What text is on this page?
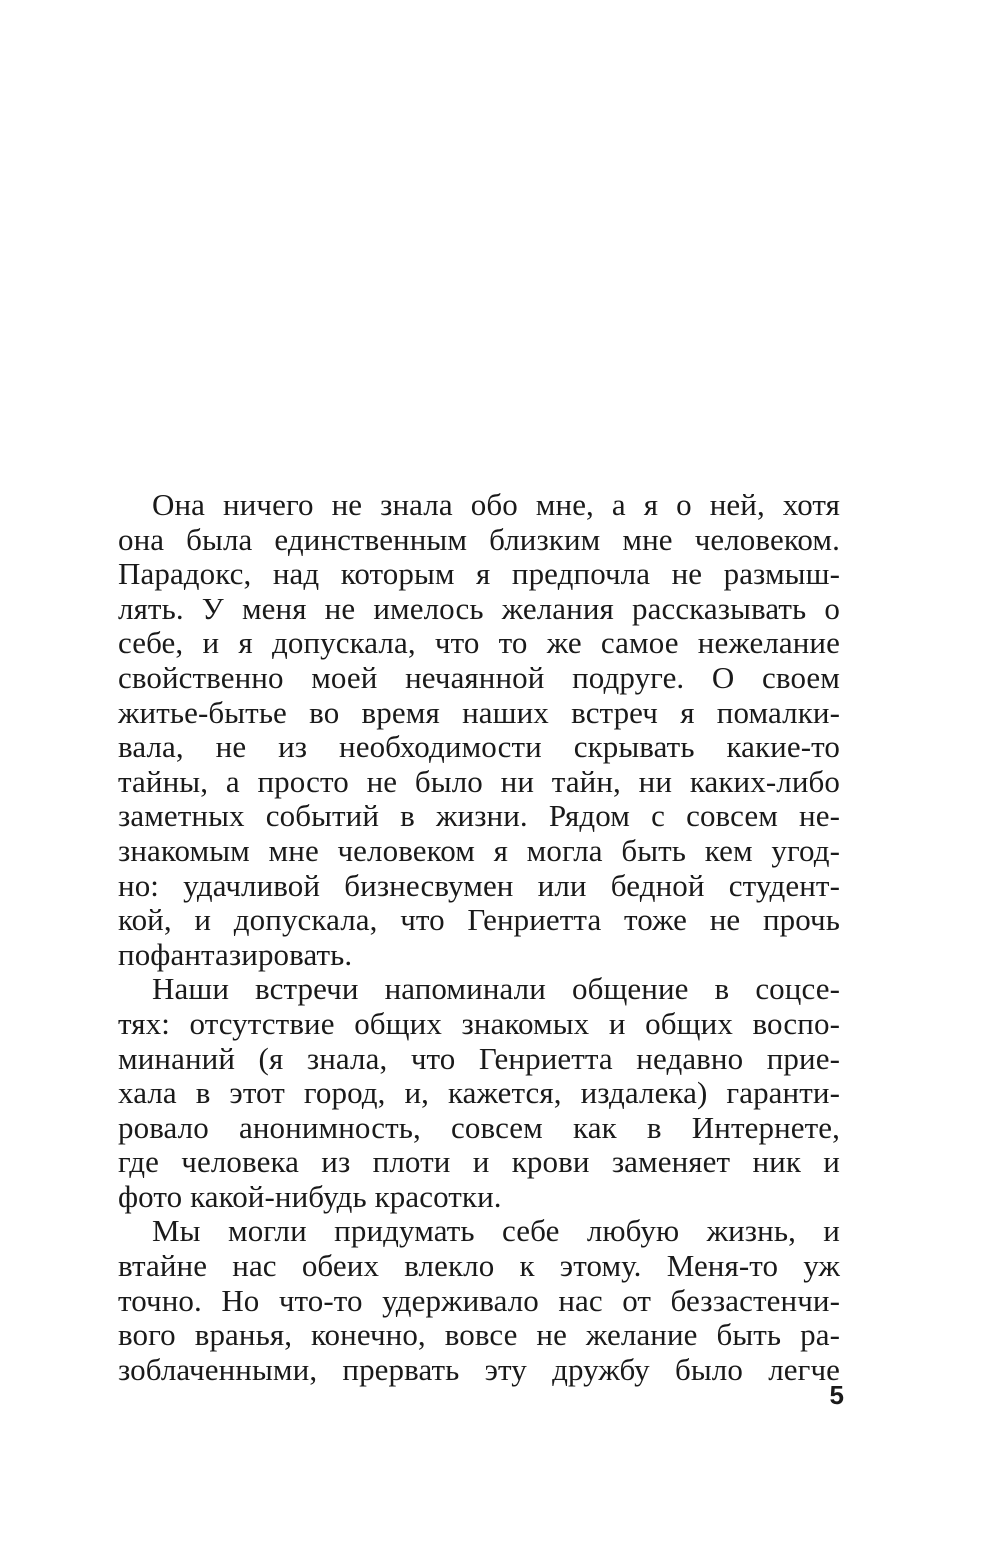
Она ничего не знала обо мне, а я о ней, хотя
она была единственным близким мне человеком.
Парадокс, над которым я предпочла не размыш-
лять. У меня не имелось желания рассказывать о
себе, и я допускала, что то же самое нежелание
свойственно моей нечаянной подруге. О своем
житье-бытье во время наших встреч я помалки-
вала, не из необходимости скрывать какие-то
тайны, а просто не было ни тайн, ни каких-либо
заметных событий в жизни. Рядом с совсем не-
знакомым мне человеком я могла быть кем угод-
но: удачливой бизнесвумен или бедной студент-
кой, и допускала, что Генриетта тоже не прочь
пофантазировать.
Наши встречи напоминали общение в соцсе-
тях: отсутствие общих знакомых и общих воспо-
минаний (я знала, что Генриетта недавно прие-
хала в этот город, и, кажется, издалека) гаранти-
ровало анонимность, совсем как в Интернете,
где человека из плоти и крови заменяет ник и
фото какой-нибудь красотки.
Мы могли придумать себе любую жизнь, и
втайне нас обеих влекло к этому. Меня-то уж
точно. Но что-то удерживало нас от беззастенчи-
вого вранья, конечно, вовсе не желание быть ра-
зоблаченными, прервать эту дружбу было легче
5
